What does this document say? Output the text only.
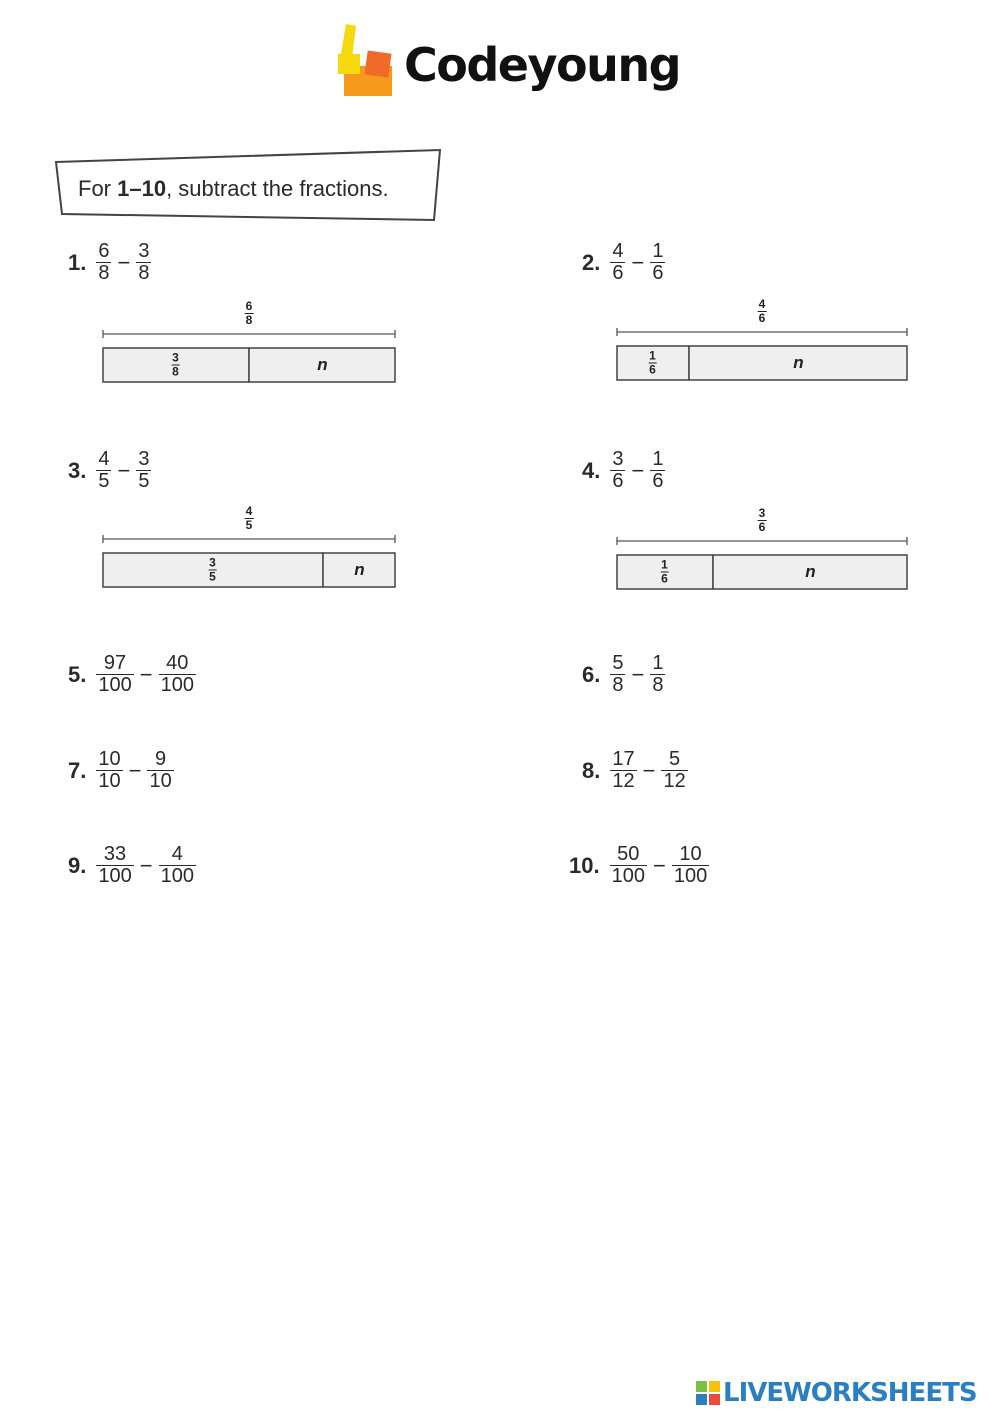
Codeyoung
For 1–10, subtract the fractions.
1. $\frac{6}{8} - \frac{3}{8}$
$\frac{6}{8}$
$\frac{3}{8}$	n
2. $\frac{4}{6} - \frac{1}{6}$
$\frac{4}{6}$
$\frac{1}{6}$	n
3. $\frac{4}{5} - \frac{3}{5}$
$\frac{4}{5}$
$\frac{3}{5}$	n
4. $\frac{3}{6} - \frac{1}{6}$
$\frac{3}{6}$
$\frac{1}{6}$	n
5. $\frac{97}{100} - \frac{40}{100}$	6. $\frac{5}{8} - \frac{1}{8}$
7. $\frac{10}{10} - \frac{9}{10}$	8. $\frac{17}{12} - \frac{5}{12}$
9. $\frac{33}{100} - \frac{4}{100}$	10. $\frac{50}{100} - \frac{10}{100}$
LIVEWORKSHEETS
